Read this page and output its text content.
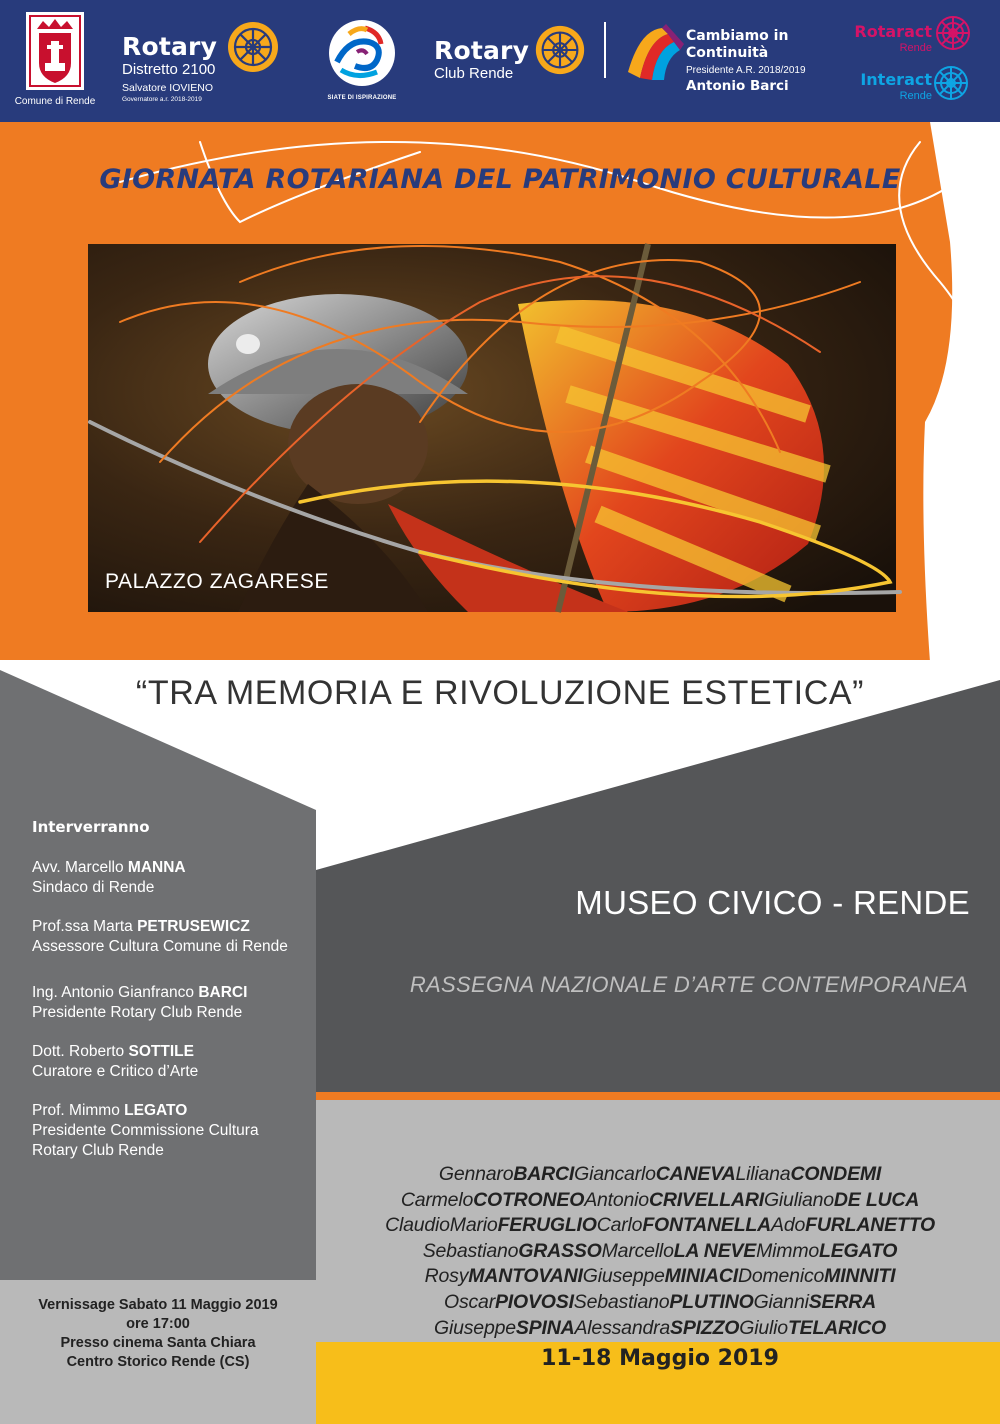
Comune di Rende
Rotary
Distretto 2100
Salvatore IOVIENO
Governatore a.r. 2018-2019	SIATE DI ISPIRAZIONE
Rotary
Club Rende
Cambiamo in
Continuità
Presidente A.R. 2018/2019
Antonio Barci
Rotaract
Rende
Interact
Rende
GIORNATA ROTARIANA DEL PATRIMONIO CULTURALE
PALAZZO ZAGARESE
“TRA MEMORIA E RIVOLUZIONE ESTETICA”
Interverranno
Avv. Marcello MANNA
Sindaco di Rende
Prof.ssa Marta PETRUSEWICZ
Assessore Cultura Comune di Rende
Ing. Antonio Gianfranco BARCI
Presidente Rotary Club Rende
Dott. Roberto SOTTILE
Curatore e Critico d’Arte
Prof. Mimmo LEGATO
Presidente Commissione Cultura Rotary Club Rende
Vernissage Sabato 11 Maggio 2019
ore 17:00
Presso cinema Santa Chiara
Centro Storico Rende (CS)
MUSEO CIVICO - RENDE
RASSEGNA NAZIONALE D’ARTE CONTEMPORANEA
GennaroBARCIGiancarloCANEVALilianaCONDEMI
CarmeloCOTRONEOAntonioCRIVELLARIGiulianoDE LUCA
ClaudioMarioFERUGLIOCarloFONTANELLAAdoFURLANETTO
SebastianoGRASSOMarcelloLA NEVEMimmoLEGATO
RosyMANTOVANIGiuseppeMINIACIDomenicoMINNITI
OscarPIOVOSISebastianoPLUTINOGianniSERRA
GiuseppeSPINAAlessandraSPIZZOGiulioTELARICO
11-18 Maggio 2019
